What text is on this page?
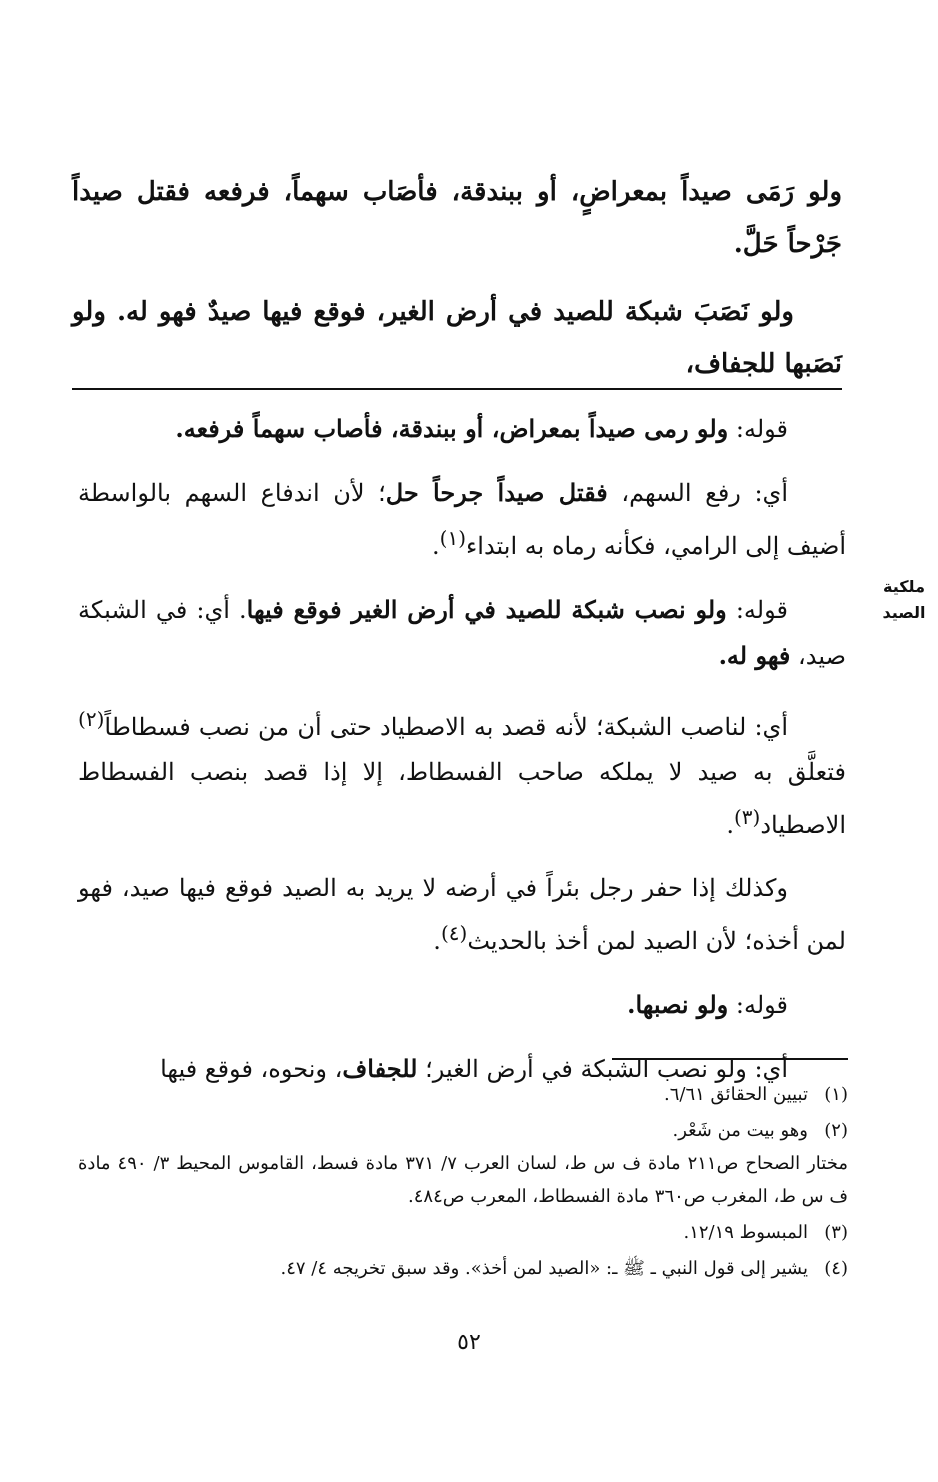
ولو رَمَى صيداً بمعراضٍ، أو ببندقة، فأصَاب سهماً، فرفعه فقتل صيداً جَرْحاً حَلَّ.

ولو نَصَبَ شبكة للصيد في أرض الغير، فوقع فيها صيدٌ فهو له. ولو نَصَبها للجفاف،

قوله: ولو رمى صيداً بمعراض، أو ببندقة، فأصاب سهماً فرفعه.

أي: رفع السهم، فقتل صيداً جرحاً حل؛ لأن اندفاع السهم بالواسطة أضيف إلى الرامي، فكأنه رماه به ابتداء$^{(١)}$.

قوله: ولو نصب شبكة للصيد في أرض الغير فوقع فيها. أي: في الشبكة صيد، فهو له.

أي: لناصب الشبكة؛ لأنه قصد به الاصطياد حتى أن من نصب فسطاطاً$^{(٢)}$ فتعلَّق به صيد لا يملكه صاحب الفسطاط، إلا إذا قصد بنصب الفسطاط الاصطياد$^{(٣)}$.

وكذلك إذا حفر رجل بئراً في أرضه لا يريد به الصيد فوقع فيها صيد، فهو لمن أخذه؛ لأن الصيد لمن أخذ بالحديث$^{(٤)}$.

قوله: ولو نصبها.

أي: ولو نصب الشبكة في أرض الغير؛ للجفاف، ونحوه، فوقع فيها

ملكية
الصيد
(١)
تبيين الحقائق ٦/٦١.
(٢)
وهو بيت من شَعْر.

مختار الصحاح ص٢١١ مادة ف س ط، لسان العرب ٧/ ٣٧١ مادة فسط، القاموس المحيط ٣/ ٤٩٠ مادة ف س ط، المغرب ص٣٦٠ مادة الفسطاط، المعرب ص٤٨٤.

(٣)
المبسوط ١٢/١٩.
(٤)
يشير إلى قول النبي ـ ﷺ ـ: «الصيد لمن أخذ». وقد سبق تخريجه ٤/ ٤٧.
٥٢
